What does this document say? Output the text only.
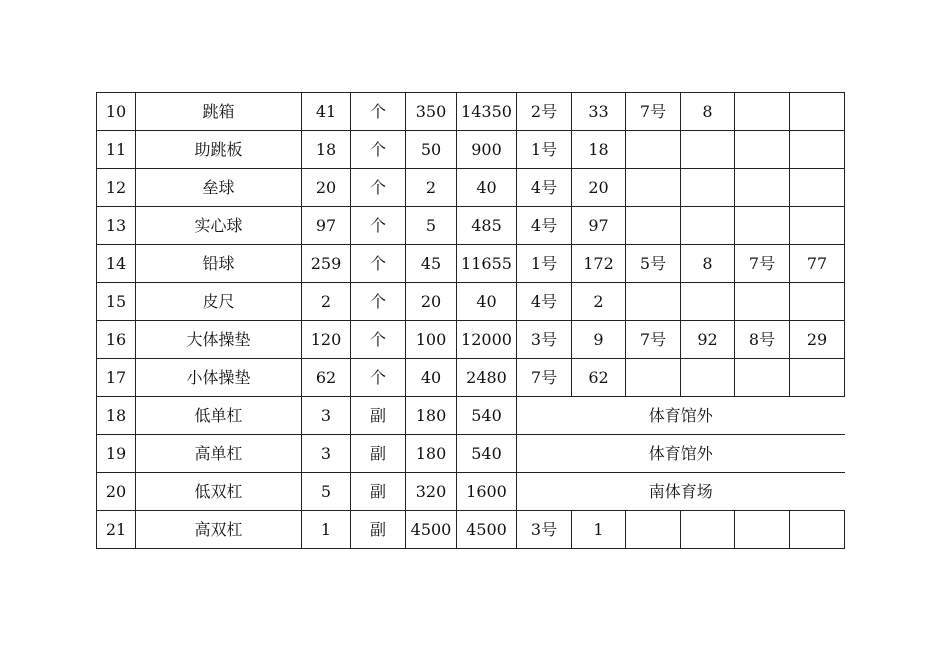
10	跳箱	41	个	350	14350	2号	33	7号	8		
11	助跳板	18	个	50	900	1号	18				
12	垒球	20	个	2	40	4号	20				
13	实心球	97	个	5	485	4号	97				
14	铅球	259	个	45	11655	1号	172	5号	8	7号	77
15	皮尺	2	个	20	40	4号	2				
16	大体操垫	120	个	100	12000	3号	9	7号	92	8号	29
17	小体操垫	62	个	40	2480	7号	62				
18	低单杠	3	副	180	540	体育馆外					
19	高单杠	3	副	180	540	体育馆外					
20	低双杠	5	副	320	1600	南体育场					
21	高双杠	1	副	4500	4500	3号	1				
